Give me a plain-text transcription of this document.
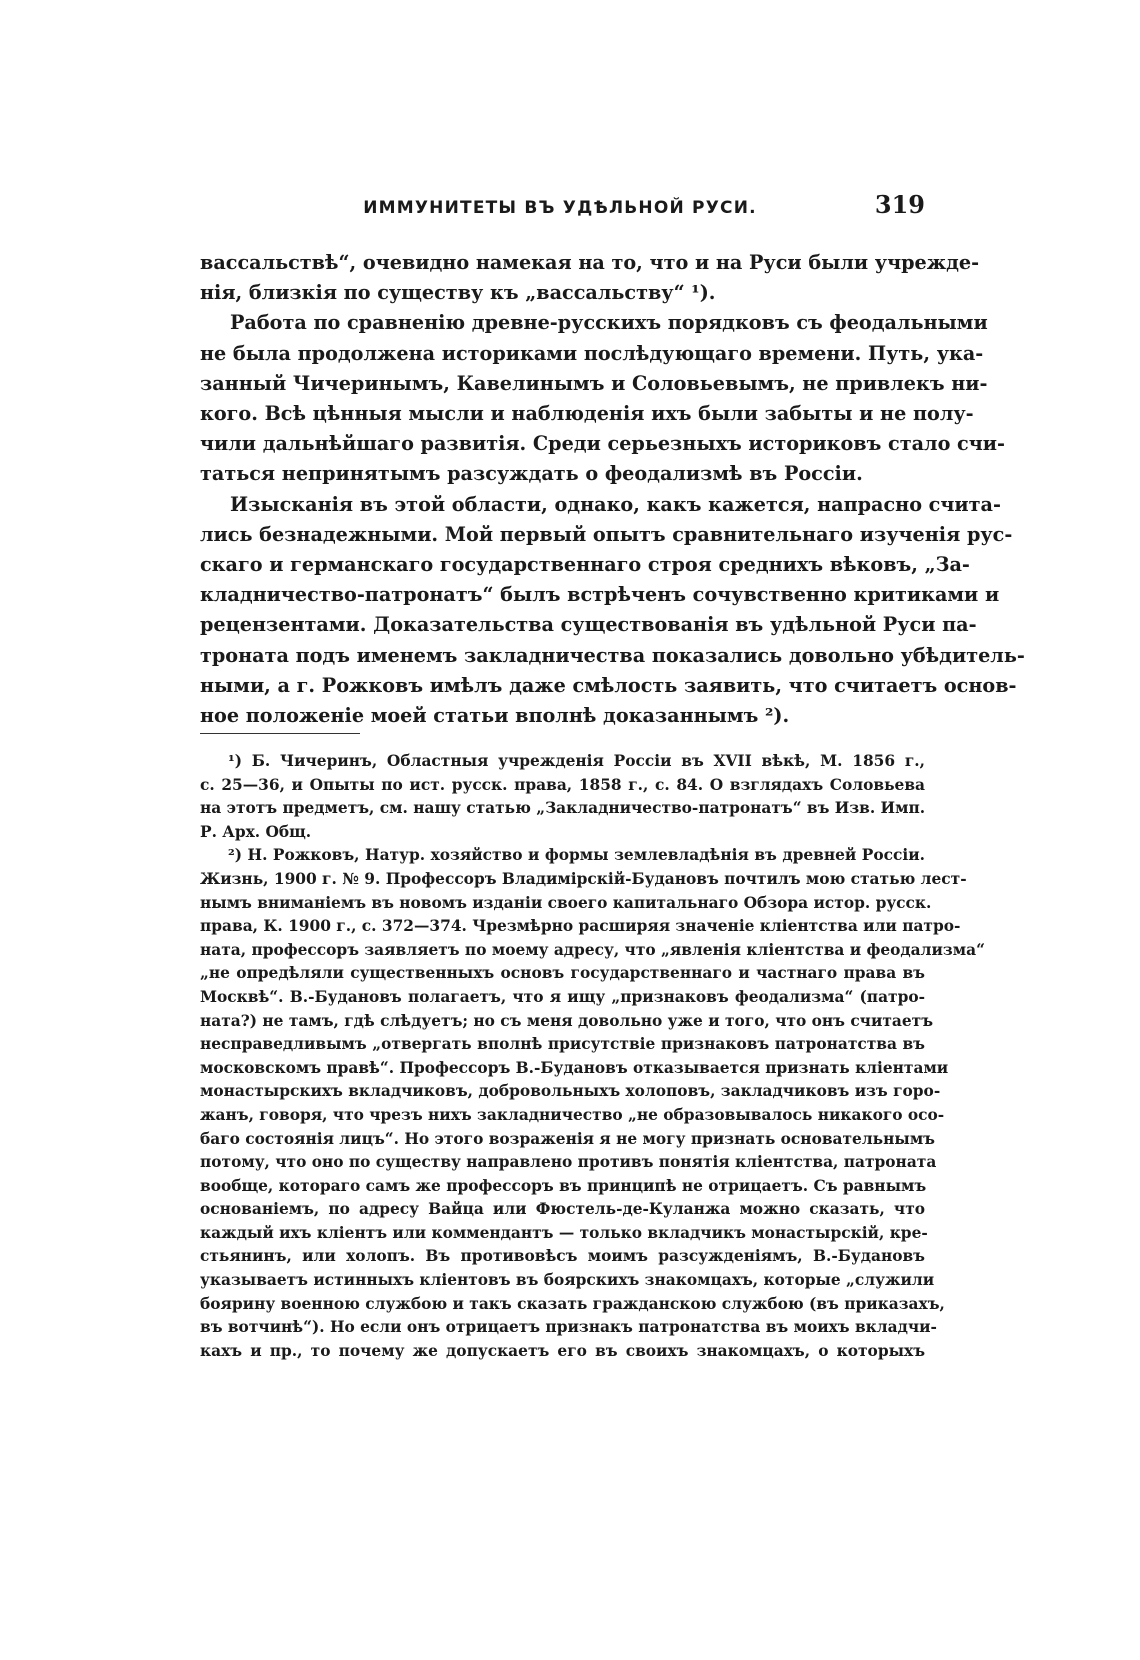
ИММУНИТЕТЫ ВЪ УДѢЛЬНОЙ РУСИ.	319
вассальствѣ“, очевидно намекая на то, что и на Руси были учрежде-
нія, близкія по существу къ „вассальству“ ¹).
Работа по сравненію древне-русскихъ порядковъ съ феодальными
не была продолжена историками послѣдующаго времени. Путь, ука-
занный Чичеринымъ, Кавелинымъ и Соловьевымъ, не привлекъ ни-
кого. Всѣ цѣнныя мысли и наблюденія ихъ были забыты и не полу-
чили дальнѣйшаго развитія. Среди серьезныхъ историковъ стало счи-
таться непринятымъ разсуждать о феодализмѣ въ Россіи.
Изысканія въ этой области, однако, какъ кажется, напрасно счита-
лись безнадежными. Мой первый опытъ сравнительнаго изученія рус-
скаго и германскаго государственнаго строя среднихъ вѣковъ, „За-
кладничество-патронатъ“ былъ встрѣченъ сочувственно критиками и
рецензентами. Доказательства существованія въ удѣльной Руси па-
троната подъ именемъ закладничества показались довольно убѣдитель-
ными, а г. Рожковъ имѣлъ даже смѣлость заявить, что считаетъ основ-
ное положеніе моей статьи вполнѣ доказаннымъ ²).
¹) Б. Чичеринъ, Областныя учрежденія Россіи въ XVII вѣкѣ, М. 1856 г.,
с. 25—36, и Опыты по ист. русск. права, 1858 г., с. 84. О взглядахъ Соловьева
на этотъ предметъ, см. нашу статью „Закладничество-патронатъ“ въ Изв. Имп.
Р. Арх. Общ.
²) Н. Рожковъ, Натур. хозяйство и формы землевладѣнія въ древней Россіи.
Жизнь, 1900 г. № 9. Профессоръ Владимірскій-Будановъ почтилъ мою статью лест-
нымъ вниманіемъ въ новомъ изданіи своего капитальнаго Обзора истор. русск.
права, К. 1900 г., с. 372—374. Чрезмѣрно расширяя значеніе кліентства или патро-
ната, профессоръ заявляетъ по моему адресу, что „явленія кліентства и феодализма“
„не опредѣляли существенныхъ основъ государственнаго и частнаго права въ
Москвѣ“. В.-Будановъ полагаетъ, что я ищу „признаковъ феодализма“ (патро-
ната?) не тамъ, гдѣ слѣдуетъ; но съ меня довольно уже и того, что онъ считаетъ
несправедливымъ „отвергать вполнѣ присутствіе признаковъ патронатства въ
московскомъ правѣ“. Профессоръ В.-Будановъ отказывается признать кліентами
монастырскихъ вкладчиковъ, добровольныхъ холоповъ, закладчиковъ изъ горо-
жанъ, говоря, что чрезъ нихъ закладничество „не образовывалось никакого осо-
баго состоянія лицъ“. Но этого возраженія я не могу признать основательнымъ
потому, что оно по существу направлено противъ понятія кліентства, патроната
вообще, котораго самъ же профессоръ въ принципѣ не отрицаетъ. Съ равнымъ
основаніемъ, по адресу Вайца или Фюстель-де-Куланжа можно сказать, что
каждый ихъ кліентъ или коммендантъ — только вкладчикъ монастырскій, кре-
стьянинъ, или холопъ. Въ противовѣсъ моимъ разсужденіямъ, В.-Будановъ
указываетъ истинныхъ кліентовъ въ боярскихъ знакомцахъ, которые „служили
боярину военною службою и такъ сказать гражданскою службою (въ приказахъ,
въ вотчинѣ“). Но если онъ отрицаетъ признакъ патронатства въ моихъ вкладчи-
кахъ и пр., то почему же допускаетъ его въ своихъ знакомцахъ, о которыхъ
